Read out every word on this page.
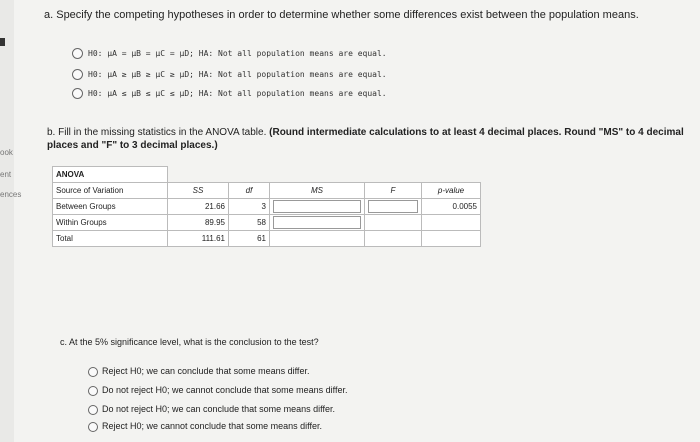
ook
ent
ences
a. Specify the competing hypotheses in order to determine whether some differences exist between the population means.
H0: μA = μB = μC = μD; HA: Not all population means are equal.
H0: μA ≥ μB ≥ μC ≥ μD; HA: Not all population means are equal.
H0: μA ≤ μB ≤ μC ≤ μD; HA: Not all population means are equal.
b. Fill in the missing statistics in the ANOVA table. (Round intermediate calculations to at least 4 decimal places. Round "MS" to 4 decimal places and "F" to 3 decimal places.)
ANOVA					
Source of Variation	SS	df	MS	F	p-value
Between Groups	21.66	3			0.0055
Within Groups	89.95	58	

Total	111.61	61			
c. At the 5% significance level, what is the conclusion to the test?
Reject H0; we can conclude that some means differ.
Do not reject H0; we cannot conclude that some means differ.
Do not reject H0; we can conclude that some means differ.
Reject H0; we cannot conclude that some means differ.
